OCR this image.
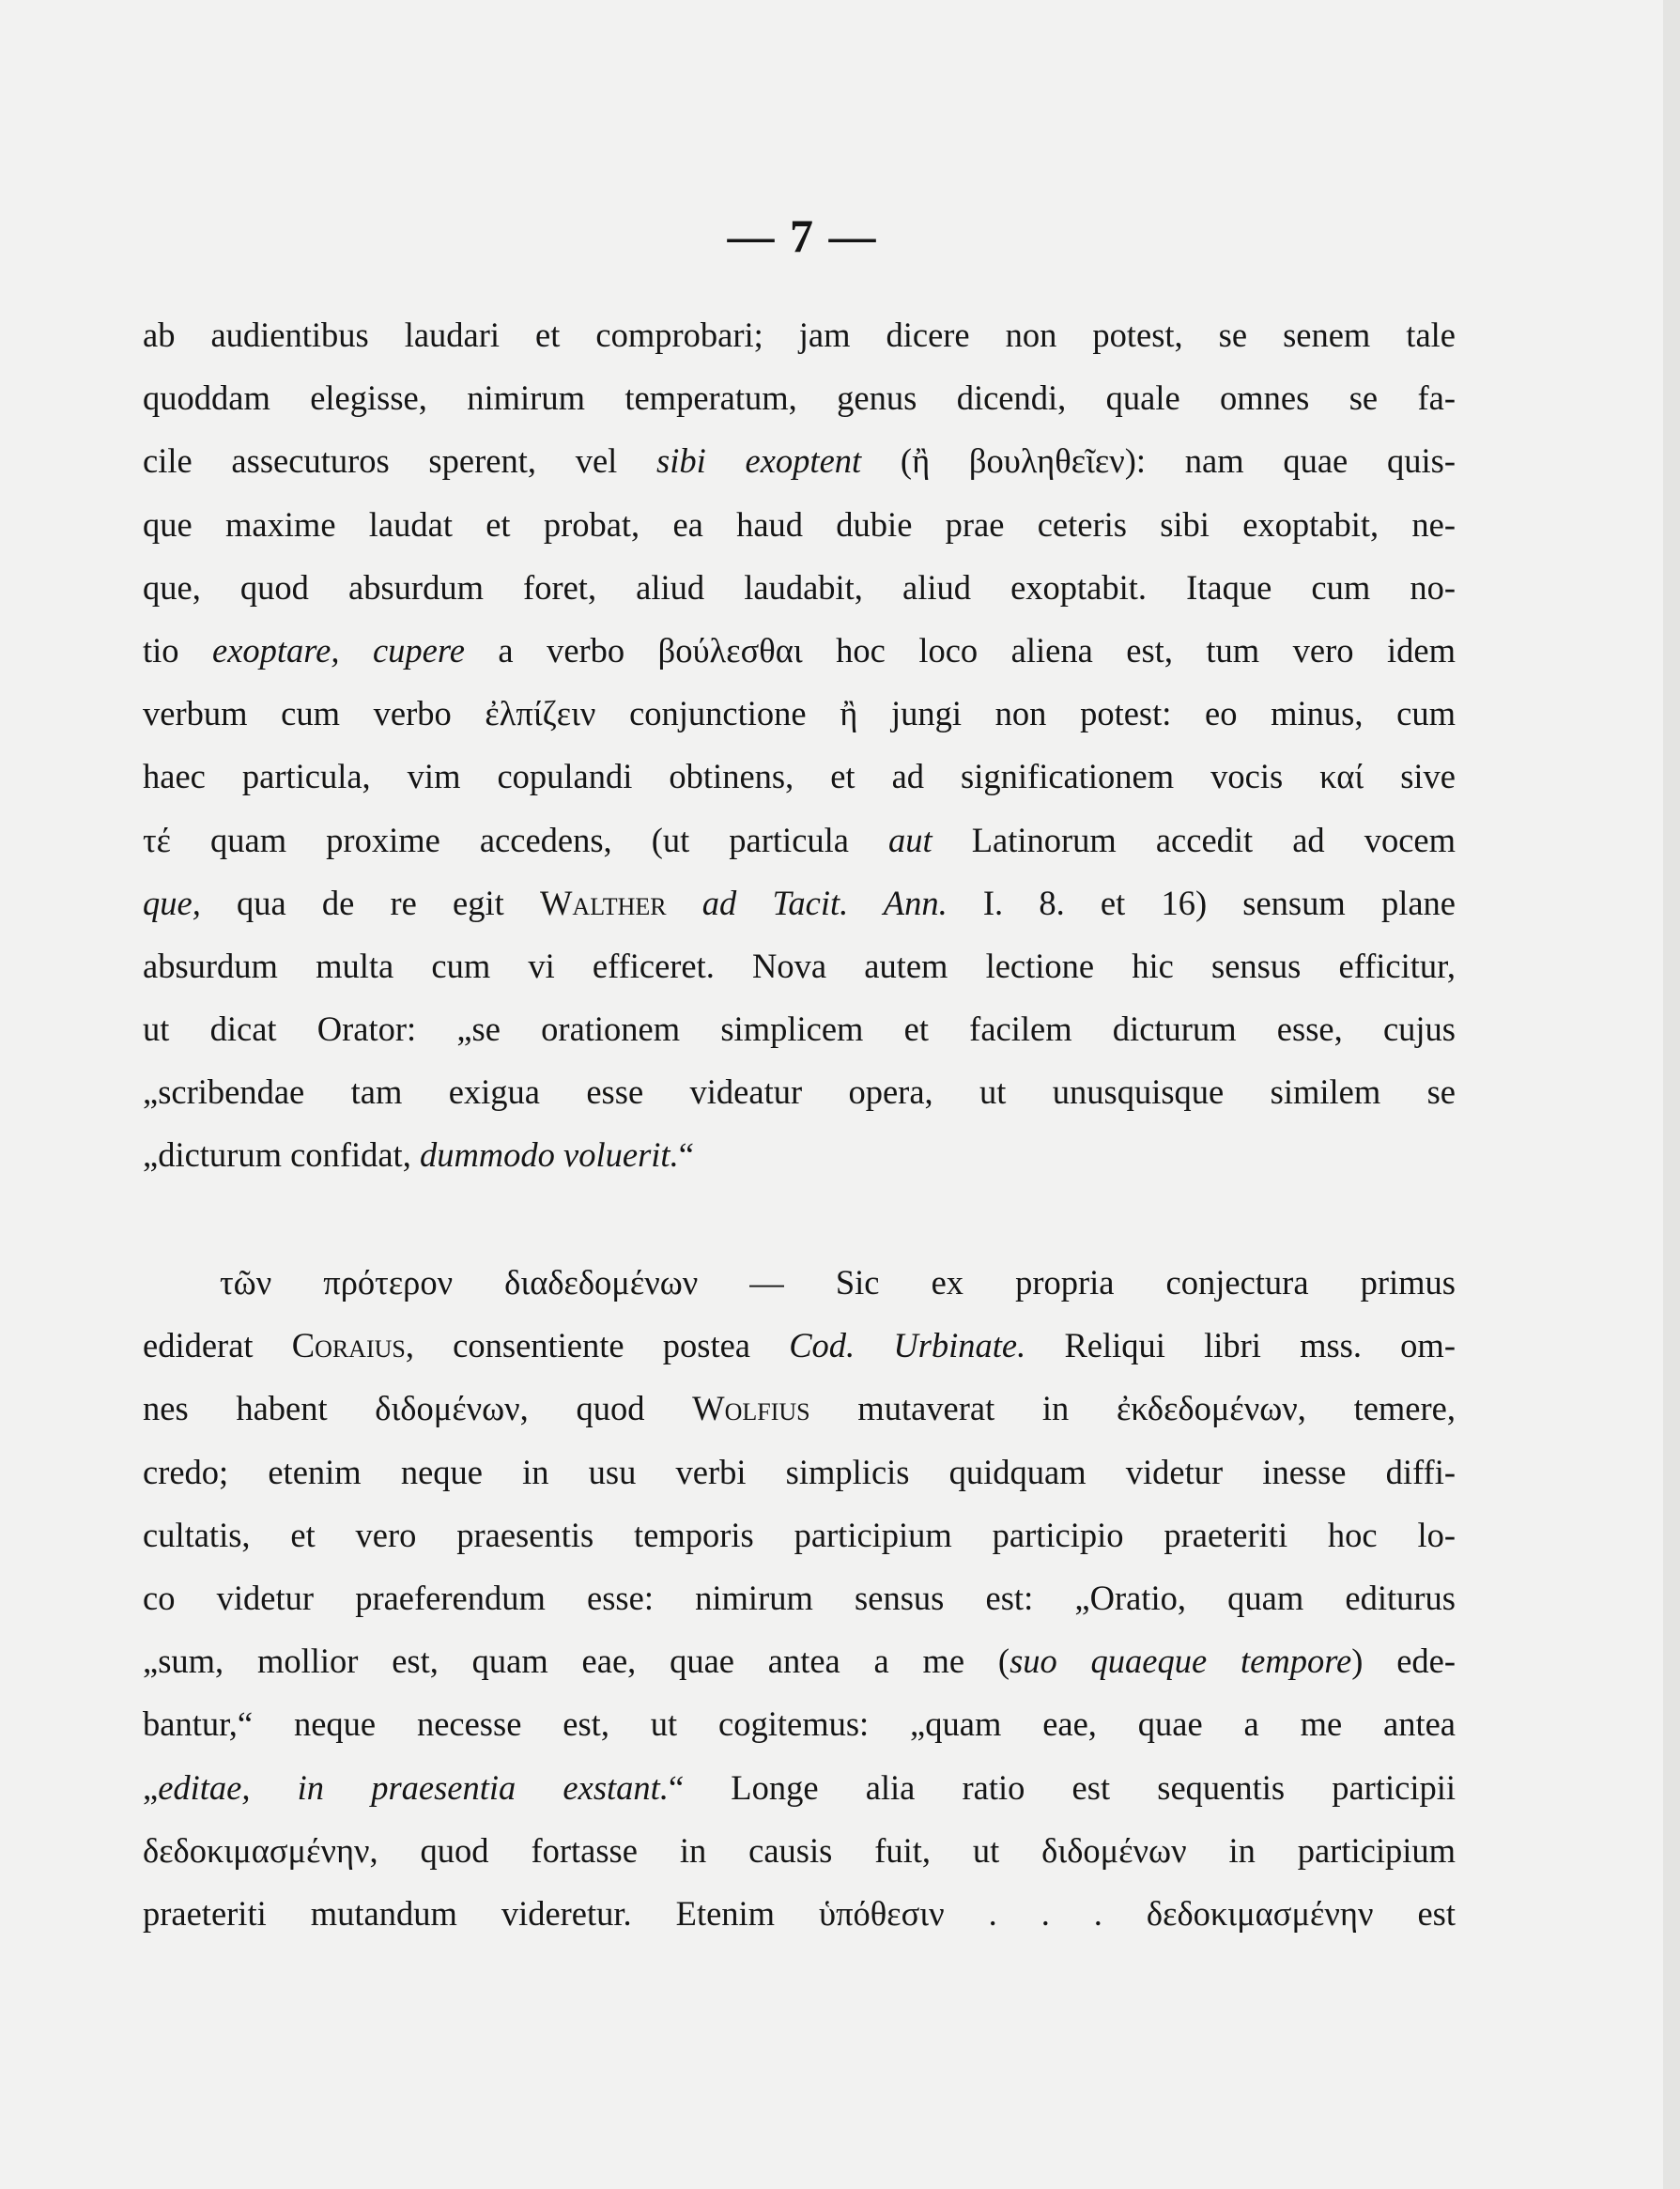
— 7 —
ab audientibus laudari et comprobari; jam dicere non potest, se senem tale
quoddam elegisse, nimirum temperatum, genus dicendi, quale omnes se fa-
cile assecuturos sperent, vel sibi exoptent (ἢ βουληθεῖεν): nam quae quis-
que maxime laudat et probat, ea haud dubie prae ceteris sibi exoptabit, ne-
que, quod absurdum foret, aliud laudabit, aliud exoptabit. Itaque cum no-
tio exoptare, cupere a verbo βούλεσθαι hoc loco aliena est, tum vero idem
verbum cum verbo ἐλπίζειν conjunctione ἢ jungi non potest: eo minus, cum
haec particula, vim copulandi obtinens, et ad significationem vocis καί sive
τέ quam proxime accedens, (ut particula aut Latinorum accedit ad vocem
que, qua de re egit Walther ad Tacit. Ann. I. 8. et 16) sensum plane
absurdum multa cum vi efficeret. Nova autem lectione hic sensus efficitur,
ut dicat Orator: „se orationem simplicem et facilem dicturum esse, cujus
„scribendae tam exigua esse videatur opera, ut unusquisque similem se
„dicturum confidat, dummodo voluerit.“
τῶν πρότερον διαδεδομένων — Sic ex propria conjectura primus
ediderat Coraius, consentiente postea Cod. Urbinate. Reliqui libri mss. om-
nes habent διδομένων, quod Wolfius mutaverat in ἐκδεδομένων, temere,
credo; etenim neque in usu verbi simplicis quidquam videtur inesse diffi-
cultatis, et vero praesentis temporis participium participio praeteriti hoc lo-
co videtur praeferendum esse: nimirum sensus est: „Oratio, quam editurus
„sum, mollior est, quam eae, quae antea a me (suo quaeque tempore) ede-
bantur,“ neque necesse est, ut cogitemus: „quam eae, quae a me antea
„editae, in praesentia exstant.“ Longe alia ratio est sequentis participii
δεδοκιμασμένην, quod fortasse in causis fuit, ut διδομένων in participium
praeteriti mutandum videretur. Etenim ὑπόθεσιν . . . δεδοκιμασμένην est
